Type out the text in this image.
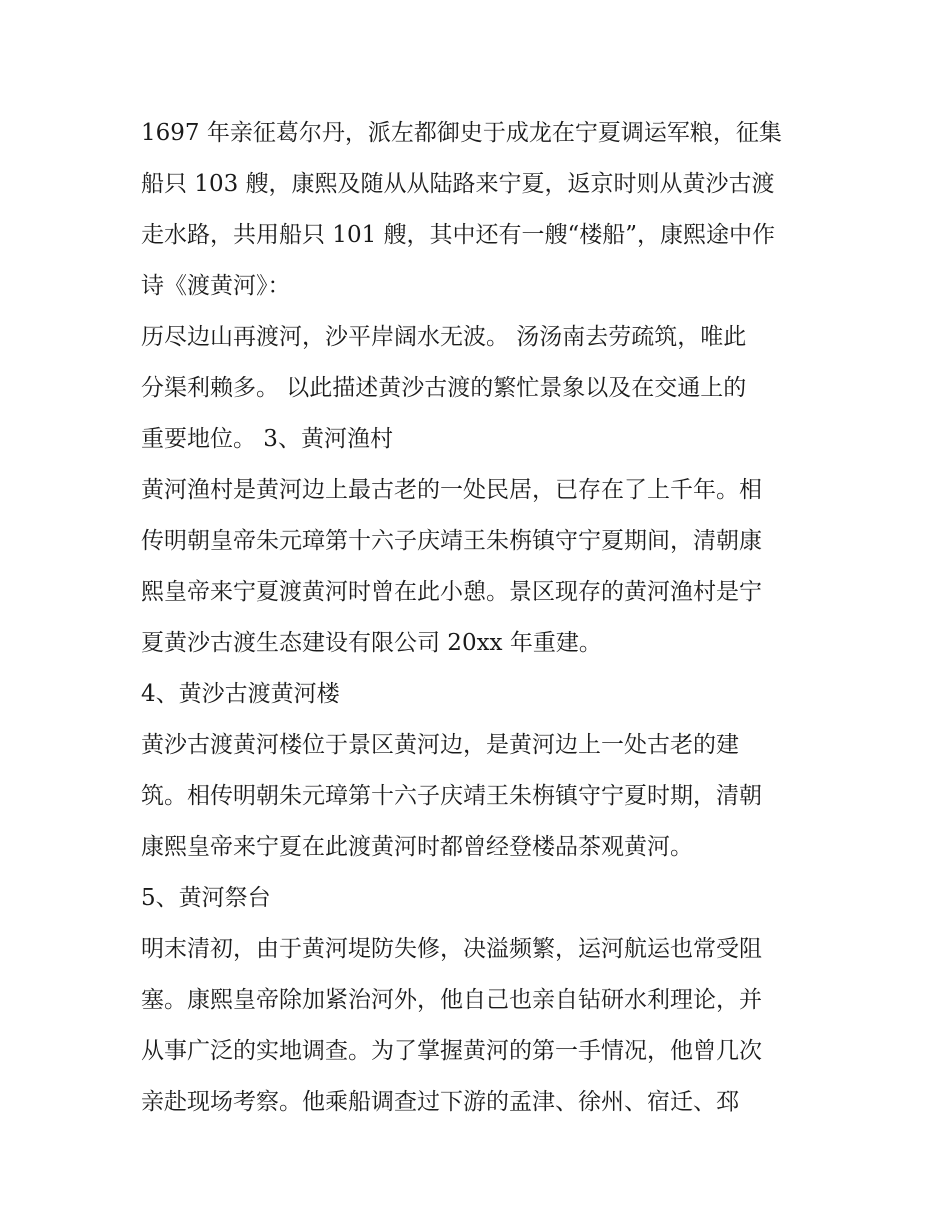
1697 年亲征葛尔丹，派左都御史于成龙在宁夏调运军粮，征集
船只 103 艘，康熙及随从从陆路来宁夏，返京时则从黄沙古渡
走水路，共用船只 101 艘，其中还有一艘“楼船”，康熙途中作
诗《渡黄河》：
历尽边山再渡河，沙平岸阔水无波。 汤汤南去劳疏筑，唯此
分渠利赖多。 以此描述黄沙古渡的繁忙景象以及在交通上的
重要地位。 3、黄河渔村
黄河渔村是黄河边上最古老的一处民居，已存在了上千年。相
传明朝皇帝朱元璋第十六子庆靖王朱栴镇守宁夏期间，清朝康
熙皇帝来宁夏渡黄河时曾在此小憩。景区现存的黄河渔村是宁
夏黄沙古渡生态建设有限公司 20xx 年重建。
4、黄沙古渡黄河楼
黄沙古渡黄河楼位于景区黄河边，是黄河边上一处古老的建
筑。相传明朝朱元璋第十六子庆靖王朱栴镇守宁夏时期，清朝
康熙皇帝来宁夏在此渡黄河时都曾经登楼品茶观黄河。
5、黄河祭台
明末清初，由于黄河堤防失修，决溢频繁，运河航运也常受阻
塞。康熙皇帝除加紧治河外，他自己也亲自钻研水利理论，并
从事广泛的实地调查。为了掌握黄河的第一手情况，他曾几次
亲赴现场考察。他乘船调查过下游的孟津、徐州、宿迁、邳
